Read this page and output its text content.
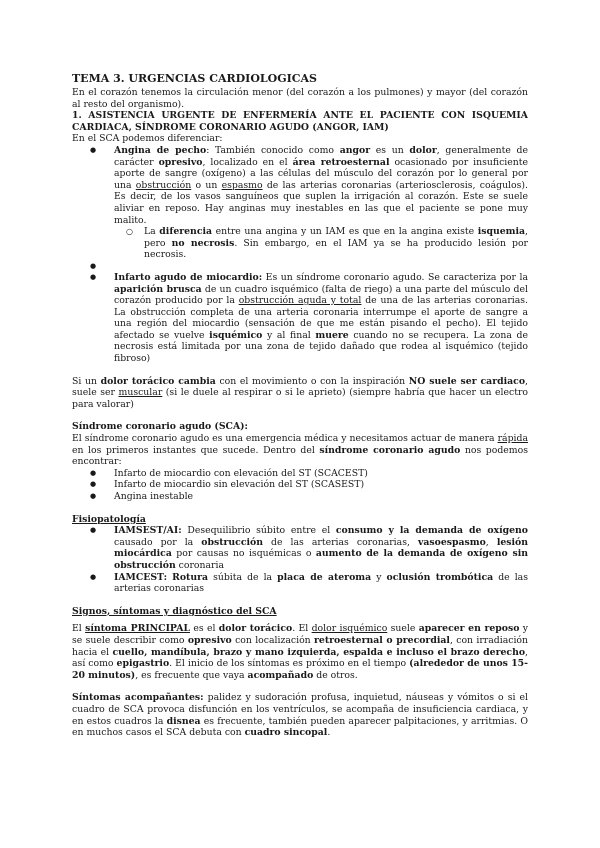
TEMA 3. URGENCIAS CARDIOLOGICAS

En el corazón tenemos la circulación menor (del corazón a los pulmones) y mayor (del corazón al resto del organismo).

1. ASISTENCIA URGENTE DE ENFERMERÍA ANTE EL PACIENTE CON ISQUEMIA CARDIACA, SÍNDROME CORONARIO AGUDO (ANGOR, IAM)

En el SCA podemos diferenciar:

● Angina de pecho: También conocido como angor es un dolor, generalmente de carácter opresivo, localizado en el área retroesternal ocasionado por insuficiente aporte de sangre (oxígeno) a las células del músculo del corazón por lo general por una obstrucción o un espasmo de las arterias coronarias (arteriosclerosis, coágulos). Es decir, de los vasos sanguíneos que suplen la irrigación al corazón. Este se suele aliviar en reposo. Hay anginas muy inestables en las que el paciente se pone muy malito.
○ La diferencia entre una angina y un IAM es que en la angina existe isquemia, pero no necrosis. Sin embargo, en el IAM ya se ha producido lesión por necrosis.
●
● Infarto agudo de miocardio: Es un síndrome coronario agudo. Se caracteriza por la aparición brusca de un cuadro isquémico (falta de riego) a una parte del músculo del corazón producido por la obstrucción aguda y total de una de las arterias coronarias. La obstrucción completa de una arteria coronaria interrumpe el aporte de sangre a una región del miocardio (sensación de que me están pisando el pecho). El tejido afectado se vuelve isquémico y al final muere cuando no se recupera. La zona de necrosis está limitada por una zona de tejido dañado que rodea al isquémico (tejido fibroso)

Si un dolor torácico cambia con el movimiento o con la inspiración NO suele ser cardiaco, suele ser muscular (si le duele al respirar o si le aprieto) (siempre habría que hacer un electro para valorar)

Síndrome coronario agudo (SCA):

El síndrome coronario agudo es una emergencia médica y necesitamos actuar de manera rápida en los primeros instantes que sucede. Dentro del síndrome coronario agudo nos podemos encontrar:

● Infarto de miocardio con elevación del ST (SCACEST)
● Infarto de miocardio sin elevación del ST (SCASEST)
● Angina inestable

Fisiopatología

● IAMSEST/AI: Desequilibrio súbito entre el consumo y la demanda de oxígeno causado por la obstrucción de las arterias coronarias, vasoespasmo, lesión miocárdica por causas no isquémicas o aumento de la demanda de oxígeno sin obstrucción coronaria
● IAMCEST: Rotura súbita de la placa de ateroma y oclusión trombótica de las arterias coronarias

Signos, síntomas y diagnóstico del SCA

El síntoma PRINCIPAL es el dolor torácico. El dolor isquémico suele aparecer en reposo y se suele describir como opresivo con localización retroesternal o precordial, con irradiación hacia el cuello, mandíbula, brazo y mano izquierda, espalda e incluso el brazo derecho, así como epigastrio. El inicio de los síntomas es próximo en el tiempo (alrededor de unos 15-20 minutos), es frecuente que vaya acompañado de otros.

Síntomas acompañantes: palidez y sudoración profusa, inquietud, náuseas y vómitos o si el cuadro de SCA provoca disfunción en los ventrículos, se acompaña de insuficiencia cardiaca, y en estos cuadros la disnea es frecuente, también pueden aparecer palpitaciones, y arritmias. O en muchos casos el SCA debuta con cuadro sincopal.
